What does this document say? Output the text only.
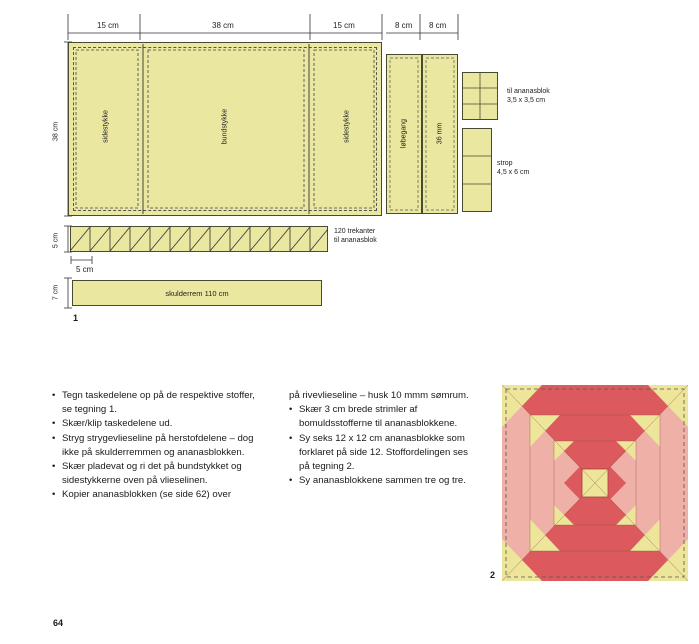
15 cm	38 cm	15 cm	8 cm 8 cm
38 cm
5 cm
7 cm
sidestykke	bundstykke	sidestykke	løbegang	36 mm
til ananasblok
3,5 x 3,5 cm
strop
4,5 x 6 cm
120 trekanter
til ananasblok
5 cm
skulderrem 110 cm
1
• Tegn taskedelene op på de respektive stoffer, se tegning 1.
• Skær/klip taskedelene ud.
• Stryg strygevlieseline på herstofdelene – dog ikke på skulderremmen og ananasblokken.
• Skær pladevat og ri det på bundstykket og sidestykkerne oven på vlieselinen.
• Kopier ananasblokken (se side 62) over
på rivevlieseline – husk 10 mmm sømrum.
• Skær 3 cm brede strimler af bomuldsstofferne til ananasblokkene.
• Sy seks 12 x 12 cm ananasblokke som forklaret på side 12. Stoffordelingen ses på tegning 2.
• Sy ananasblokkene sammen tre og tre.
2
64
